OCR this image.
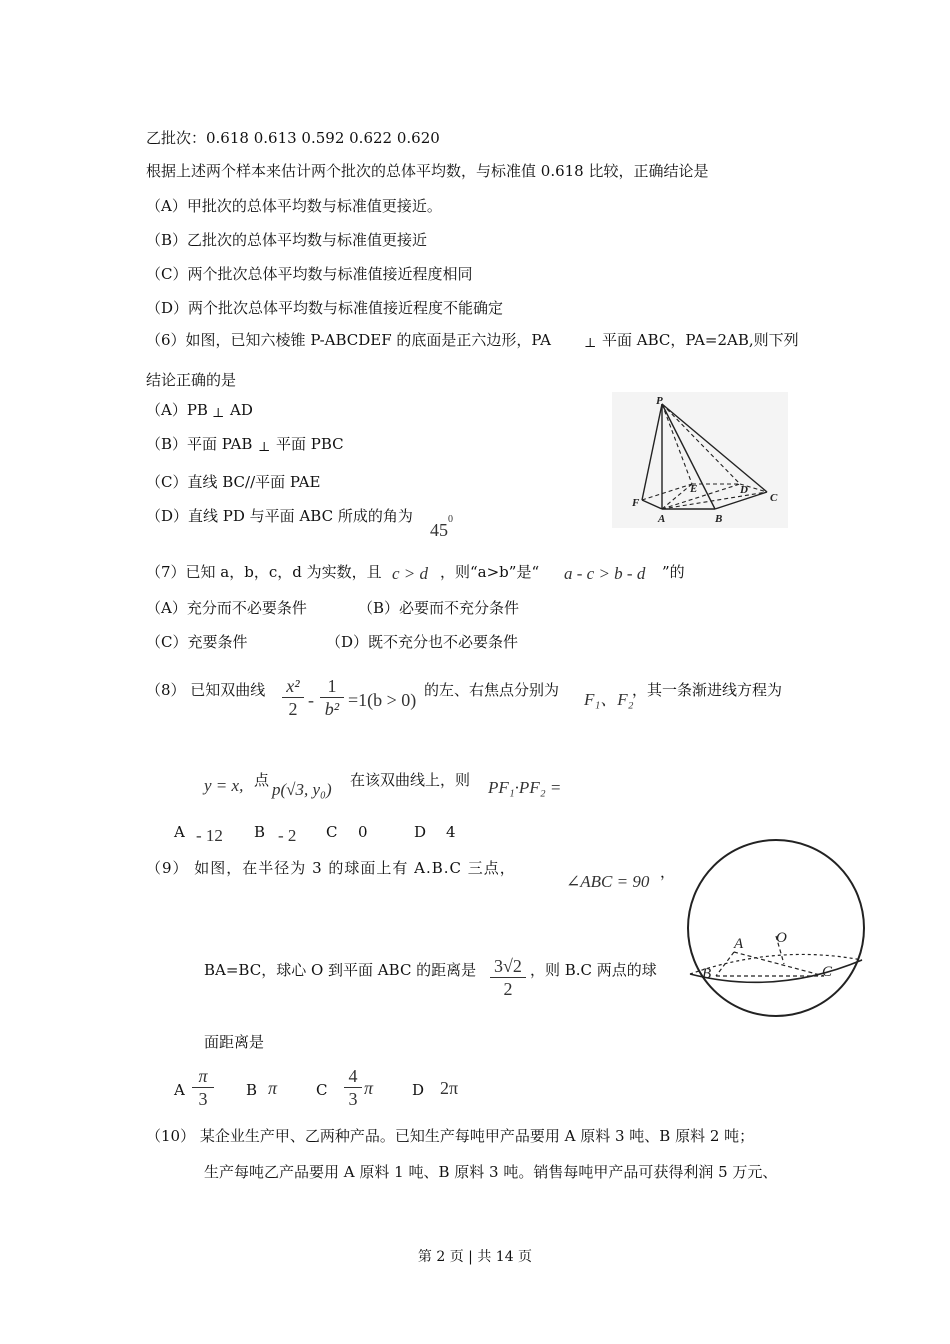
乙批次：0.618 0.613 0.592 0.622 0.620
根据上述两个样本来估计两个批次的总体平均数，与标准值 0.618 比较，正确结论是
（A）甲批次的总体平均数与标准值更接近。
（B）乙批次的总体平均数与标准值更接近
（C）两个批次总体平均数与标准值接近程度相同
（D）两个批次总体平均数与标准值接近程度不能确定
（6）如图，已知六棱锥 P-ABCDEF 的底面是正六边形，PA	⊥ 平面 ABC，PA=2AB,则下列
结论正确的是
（A）PB ⊥ AD
（B）平面 PAB ⊥ 平面 PBC
（C）直线 BC//平面 PAE
（D）直线 PD 与平面 ABC 所成的角为
45
0
P
F
E	D
C
A	B
（7）已知 a，b，c，d 为实数，且 c > d ，则“a>b”是“ a - c > b - d ”的
（A）充分而不必要条件	（B）必要而不充分条件
（C）充要条件	（D）既不充分也不必要条件
（8） 已知双曲线 x²
2 -
1
b² =1(b > 0) 的左、右焦点分别为 F₁、F₂
，其一条渐进线方程为
y = x, 点 p(√3, y₀) 在该双曲线上，则 PF₁·PF₂ =
A - 12 B - 2 C 0	D 4
（9） 如图，在半径为 3 的球面上有 A.B.C 三点，
∠ABC = 90 ，
BA=BC，球心 O 到平面 ABC 的距离是 3√2
2
，则 B.C 两点的球
面距离是
A
π
3	B π	C
4
3
π	D 2π
O
A
B	C
（10） 某企业生产甲、乙两种产品。已知生产每吨甲产品要用 A 原料 3 吨、B 原料 2 吨；
生产每吨乙产品要用 A 原料 1 吨、B 原料 3 吨。销售每吨甲产品可获得利润 5 万元、
第 2 页 | 共 14 页
